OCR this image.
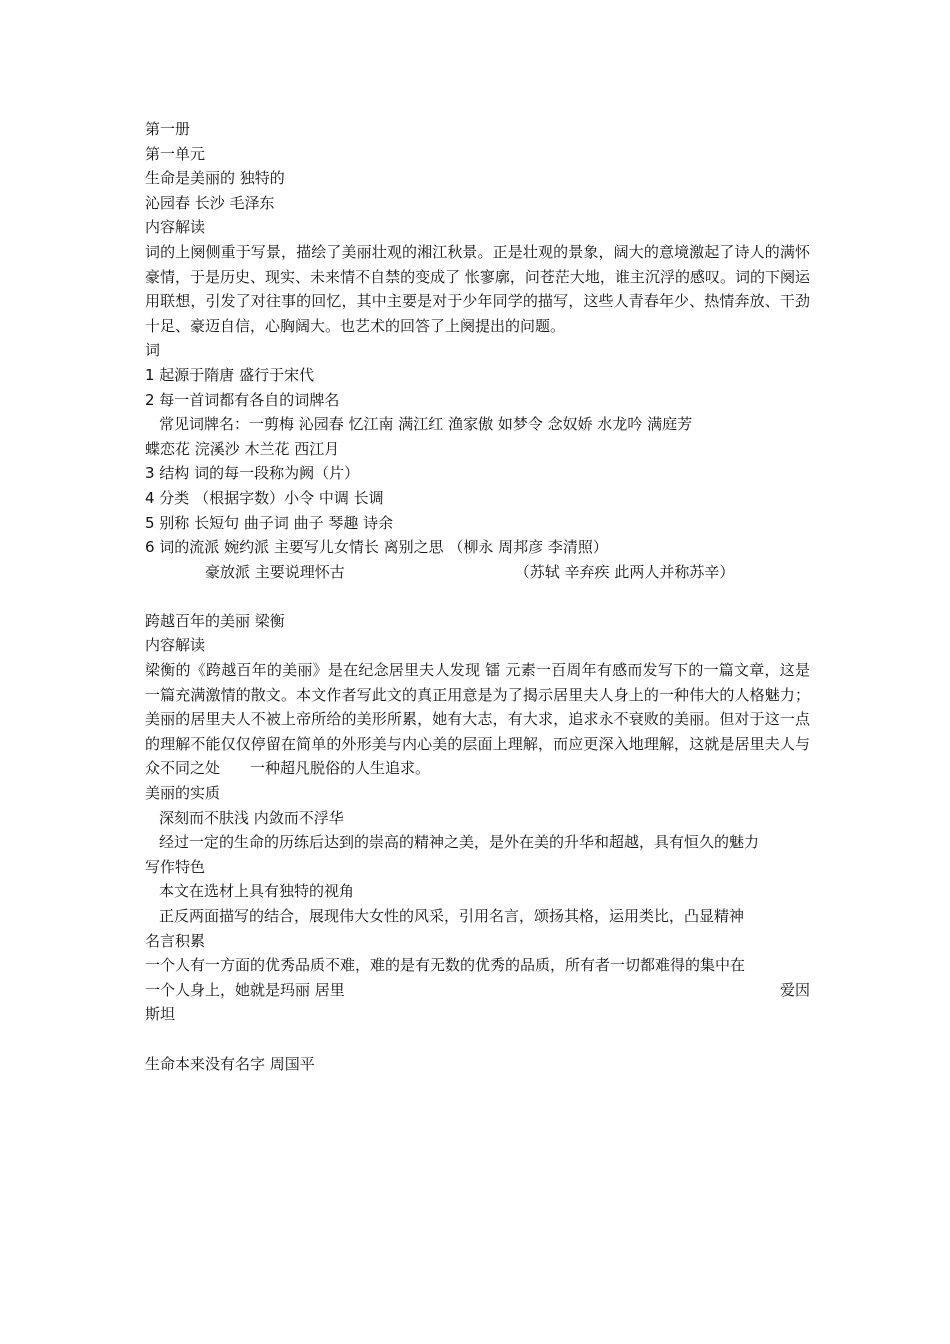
第一册
第一单元
生命是美丽的 独特的
沁园春 长沙 毛泽东
内容解读
词的上阕侧重于写景，描绘了美丽壮观的湘江秋景。正是壮观的景象，阔大的意境激起了诗人的满怀豪情，于是历史、现实、未来情不自禁的变成了 怅寥廓，问苍茫大地，谁主沉浮的感叹。词的下阕运用联想，引发了对往事的回忆，其中主要是对于少年同学的描写，这些人青春年少、热情奔放、干劲十足、豪迈自信，心胸阔大。也艺术的回答了上阕提出的问题。
词
1 起源于隋唐 盛行于宋代
2 每一首词都有各自的词牌名
常见词牌名：一剪梅 沁园春 忆江南 满江红 渔家傲 如梦令 念奴娇 水龙吟 满庭芳
蝶恋花 浣溪沙 木兰花 西江月
3 结构 词的每一段称为阙（片）
4 分类 （根据字数）小令 中调 长调
5 别称 长短句 曲子词 曲子 琴趣 诗余
6 词的流派 婉约派 主要写儿女情长 离别之思 （柳永 周邦彦 李清照）
豪放派 主要说理怀古	（苏轼 辛弃疾 此两人并称苏辛）
跨越百年的美丽 梁衡
内容解读
梁衡的《跨越百年的美丽》是在纪念居里夫人发现 镭 元素一百周年有感而发写下的一篇文章，这是一篇充满激情的散文。本文作者写此文的真正用意是为了揭示居里夫人身上的一种伟大的人格魅力；美丽的居里夫人不被上帝所给的美形所累，她有大志，有大求，追求永不衰败的美丽。但对于这一点的理解不能仅仅停留在简单的外形美与内心美的层面上理解，而应更深入地理解，这就是居里夫人与众不同之处 一种超凡脱俗的人生追求。
美丽的实质
深刻而不肤浅 内敛而不浮华
经过一定的生命的历练后达到的崇高的精神之美，是外在美的升华和超越，具有恒久的魅力
写作特色
本文在选材上具有独特的视角
正反两面描写的结合，展现伟大女性的风采，引用名言，颂扬其格，运用类比，凸显精神
名言积累
一个人有一方面的优秀品质不难，难的是有无数的优秀的品质，所有者一切都难得的集中在
一个人身上，她就是玛丽 居里	爱因
斯坦
生命本来没有名字 周国平
